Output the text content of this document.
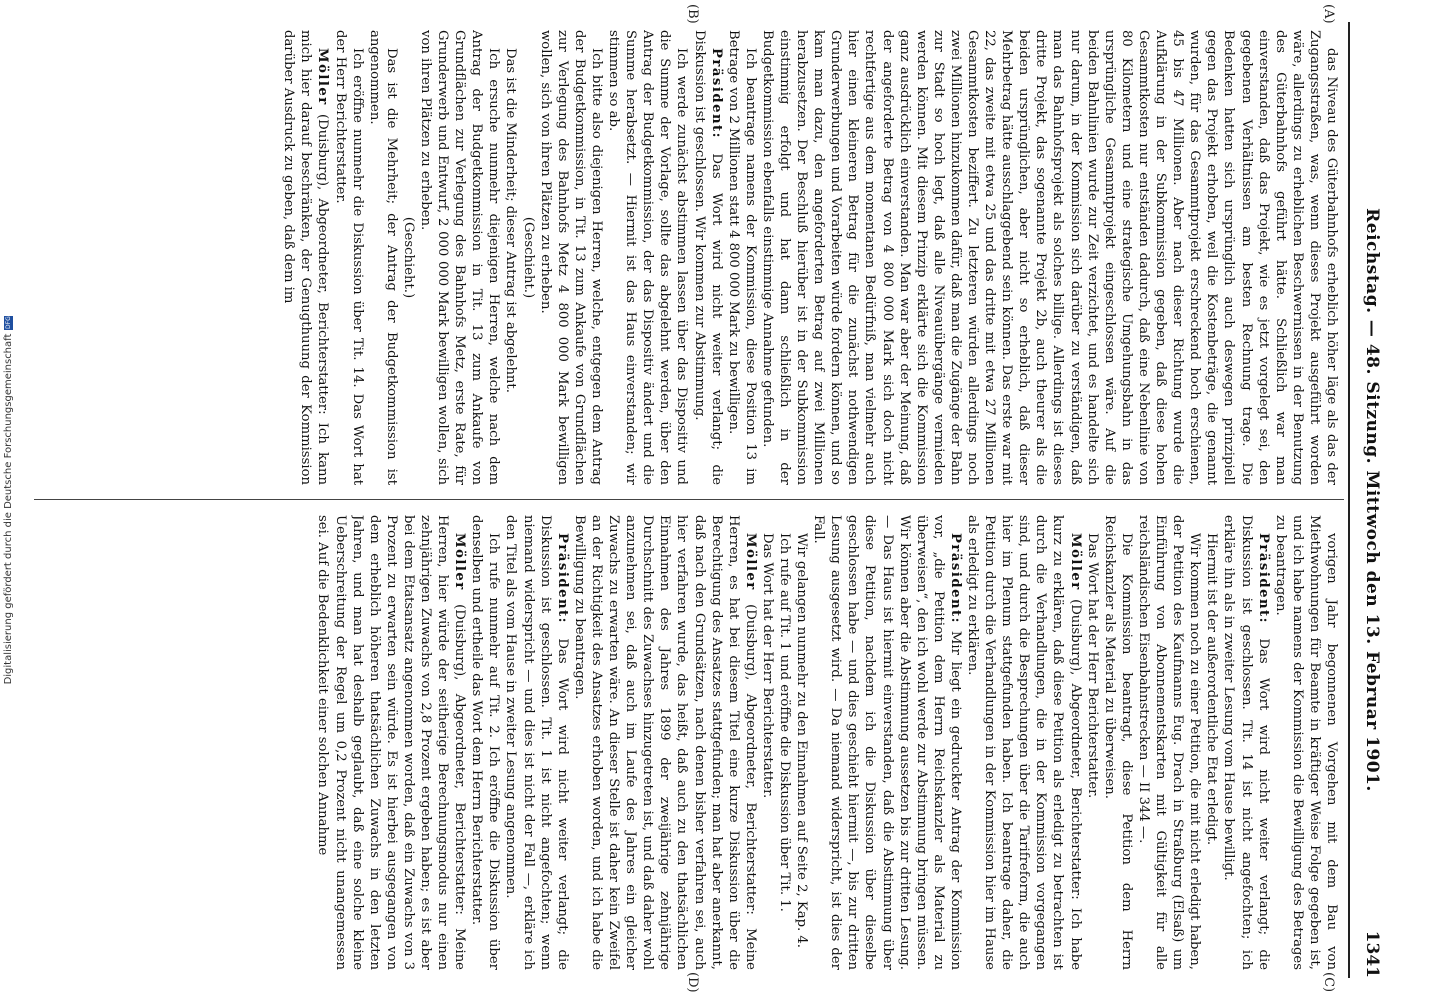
Reichstag. — 48. Sitzung. Mittwoch den 13. Februar 1901.
1341
(A)
(B)
(C)
(D)

das Niveau des Güterbahnhofs erheblich höher läge als das der Zugangsstraßen, was, wenn dieses Projekt ausgeführt worden wäre, allerdings zu erheblichen Beschwernissen in der Benutzung des Güterbahnhofs geführt hätte. Schließlich war man einverstanden, daß das Projekt, wie es jetzt vorgelegt sei, den gegebenen Verhältnissen am besten Rechnung trage. Die Bedenken hatten sich ursprünglich auch deswegen prinzipiell gegen das Projekt erhoben, weil die Kostenbeträge, die genannt wurden, für das Gesammtprojekt erschreckend hoch erschienen, 45 bis 47 Millionen. Aber nach dieser Richtung wurde die Aufklärung in der Subkommission gegeben, daß diese hohen Gesammtkosten nur entständen dadurch, daß eine Nebenlinie von 80 Kilometern und eine strategische Umgehungsbahn in das ursprüngliche Gesammtprojekt eingeschlossen wäre. Auf die beiden Bahnlinien wurde zur Zeit verzichtet, und es handelte sich nur darum, in der Kommission sich darüber zu verständigen, daß man das Bahnhofsprojekt als solches billige. Allerdings ist dieses dritte Projekt, das sogenannte Projekt 2b, auch theurer als die beiden ursprünglichen, aber nicht so erheblich, daß dieser Mehrbetrag hätte ausschlaggebend sein können. Das erste war mit 22, das zweite mit etwa 25 und das dritte mit etwa 27 Millionen Gesammtkosten beziffert. Zu letzteren würden allerdings noch zwei Millionen hinzukommen dafür, daß man die Zugänge der Bahn zur Stadt so hoch legt, daß alle Niveauübergänge vermieden werden können. Mit diesem Prinzip erklärte sich die Kommission ganz ausdrücklich einverstanden. Man war aber der Meinung, daß der angeforderte Betrag von 4 800 000 Mark sich doch nicht rechtfertige aus dem momentanen Bedürfniß, man vielmehr auch hier einen kleineren Betrag für die zunächst nothwendigen Grunderwerbungen und Vorarbeiten würde fordern können, und so kam man dazu, den angeforderten Betrag auf zwei Millionen herabzusetzen. Der Beschluß hierüber ist in der Subkommission einstimmig erfolgt und hat dann schließlich in der Budgetkommission ebenfalls einstimmige Annahme gefunden.

Ich beantrage namens der Kommission, diese Position 13 im Betrage von 2 Millionen statt 4 800 000 Mark zu bewilligen.

Präsident: Das Wort wird nicht weiter verlangt; die Diskussion ist geschlossen. Wir kommen zur Abstimmung.

Ich werde zunächst abstimmen lassen über das Dispositiv und die Summe der Vorlage, sollte das abgelehnt werden, über den Antrag der Budgetkommission, der das Dispositiv ändert und die Summe herabsetzt. — Hiermit ist das Haus einverstanden; wir stimmen so ab.

Ich bitte also diejenigen Herren, welche, entgegen dem Antrag der Budgetkommission, in Tit. 13 zum Ankaufe von Grundflächen zur Verlegung des Bahnhofs Metz 4 800 000 Mark bewilligen wollen, sich von ihren Plätzen zu erheben.

(Geschieht.)

Das ist die Minderheit; dieser Antrag ist abgelehnt.

Ich ersuche nunmehr diejenigen Herren, welche nach dem Antrag der Budgetkommission in Tit. 13 zum Ankaufe von Grundflächen zur Verlegung des Bahnhofs Metz, erste Rate, für Grunderwerb und Entwurf, 2 000 000 Mark bewilligen wollen, sich von ihren Plätzen zu erheben.

(Geschieht.)

Das ist die Mehrheit; der Antrag der Budgetkommission ist angenommen.

Ich eröffne nunmehr die Diskussion über Tit. 14. Das Wort hat der Herr Berichterstatter.

Möller (Duisburg), Abgeordneter, Berichterstatter: Ich kann mich hier darauf beschränken, der Genugthuung der Kommission darüber Ausdruck zu geben, daß dem im

vorigen Jahr begonnenen Vorgehen mit dem Bau von Miethwohnungen für Beamte in kräftiger Weise Folge gegeben ist, und ich habe namens der Kommission die Bewilligung des Betrages zu beantragen.

Präsident: Das Wort wird nicht weiter verlangt; die Diskussion ist geschlossen. Tit. 14 ist nicht angefochten; ich erkläre ihn als in zweiter Lesung vom Hause bewilligt.

Hiermit ist der außerordentliche Etat erledigt.

Wir kommen noch zu einer Petition, die mit nicht erledigt haben, der Petition des Kaufmanns Eug. Drach in Straßburg (Elsaß) um Einführung von Abonnementskarten mit Gültigkeit für alle reichsländischen Eisenbahnstrecken — II 344 —.

Die Kommission beantragt, diese Petition dem Herrn Reichskanzler als Material zu überweisen.

Das Wort hat der Herr Berichterstatter.

Möller (Duisburg), Abgeordneter, Berichterstatter: Ich habe kurz zu erklären, daß diese Petition als erledigt zu betrachten ist durch die Verhandlungen, die in der Kommission vorgegangen sind, und durch die Besprechungen über die Tarifreform, die auch hier im Plenum stattgefunden haben. Ich beantrage daher, die Petition durch die Verhandlungen in der Kommission hier im Hause als erledigt zu erklären.

Präsident: Mir liegt ein gedruckter Antrag der Kommission vor, „die Petition dem Herrn Reichskanzler als Material zu überweisen“, den ich wohl werde zur Abstimmung bringen müssen. Wir können aber die Abstimmung aussetzen bis zur dritten Lesung. — Das Haus ist hiermit einverstanden, daß die Abstimmung über diese Petition, nachdem ich die Diskussion über dieselbe geschlossen habe — und dies geschieht hiermit —, bis zur dritten Lesung ausgesetzt wird. — Da niemand widerspricht, ist dies der Fall.

Wir gelangen nunmehr zu den Einnahmen auf Seite 2, Kap. 4.

Ich rufe auf Tit. 1 und eröffne die Diskussion über Tit. 1.

Das Wort hat der Herr Berichterstatter.

Möller (Duisburg), Abgeordneter, Berichterstatter: Meine Herren, es hat bei diesem Titel eine kurze Diskussion über die Berechtigung des Ansatzes stattgefunden; man hat aber anerkannt, daß nach den Grundsätzen, nach denen bisher verfahren sei, auch hier verfahren wurde, das heißt, daß auch zu den thatsächlichen Einnahmen des Jahres 1899 der zweijährige zehnjährige Durchschnitt des Zuwachses hinzugetreten ist, und daß daher wohl anzunehmen sei, daß auch im Laufe des Jahres ein gleicher Zuwachs zu erwarten wäre. An dieser Stelle ist daher kein Zweifel an der Richtigkeit des Ansatzes erhoben worden, und ich habe die Bewilligung zu beantragen.

Präsident: Das Wort wird nicht weiter verlangt; die Diskussion ist geschlossen. Tit. 1 ist nicht angefochten; wenn niemand widerspricht — und dies ist nicht der Fall —, erkläre ich den Titel als vom Hause in zweiter Lesung angenommen.

Ich rufe nunmehr auf Tit. 2. Ich eröffne die Diskussion über denselben und ertheile das Wort dem Herrn Berichterstatter.

Möller (Duisburg), Abgeordneter, Berichterstatter: Meine Herren, hier würde der seitherige Berechnungsmodus nur einen zehnjährigen Zuwachs von 2,8 Prozent ergeben haben; es ist aber bei dem Etatsansatz angenommen worden, daß ein Zuwachs von 3 Prozent zu erwarten sein würde. Es ist hierbei ausgegangen von dem erheblich höheren thatsächlichen Zuwachs in den letzten Jahren, und man hat deshalb geglaubt, daß eine solche kleine Ueberschreitung der Regel um 0,2 Prozent nicht unangemessen sei. Auf die Bedenklichkeit einer solchen Annahme

Digitalisierung gefördert durch die Deutsche ForschungsgemeinschaftDFG
